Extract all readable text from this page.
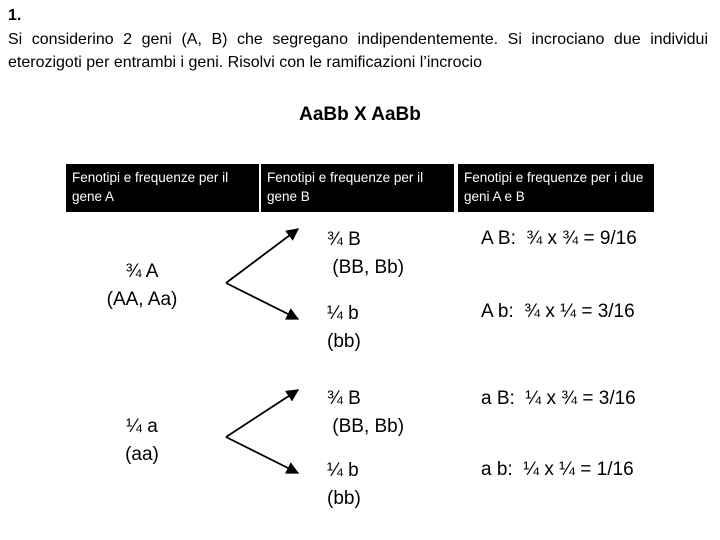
1.
Si considerino 2 geni (A, B) che segregano indipendentemente. Si incrociano due individui eterozigoti per entrambi i geni. Risolvi con le ramificazioni l’incrocio
AaBb X AaBb
Fenotipi e frequenze per il gene A
Fenotipi e frequenze per il gene B
Fenotipi e frequenze per i due geni A e B
¾ A
(AA, Aa)
¼ a
(aa)
¾ B
(BB, Bb)
¼ b
(bb)
¾ B
(BB, Bb)
¼ b
(bb)
A B:  ¾ x ¾ = 9/16
A b:  ¾ x ¼ = 3/16
a B:  ¼ x ¾ = 3/16
a b:  ¼ x ¼ = 1/16
